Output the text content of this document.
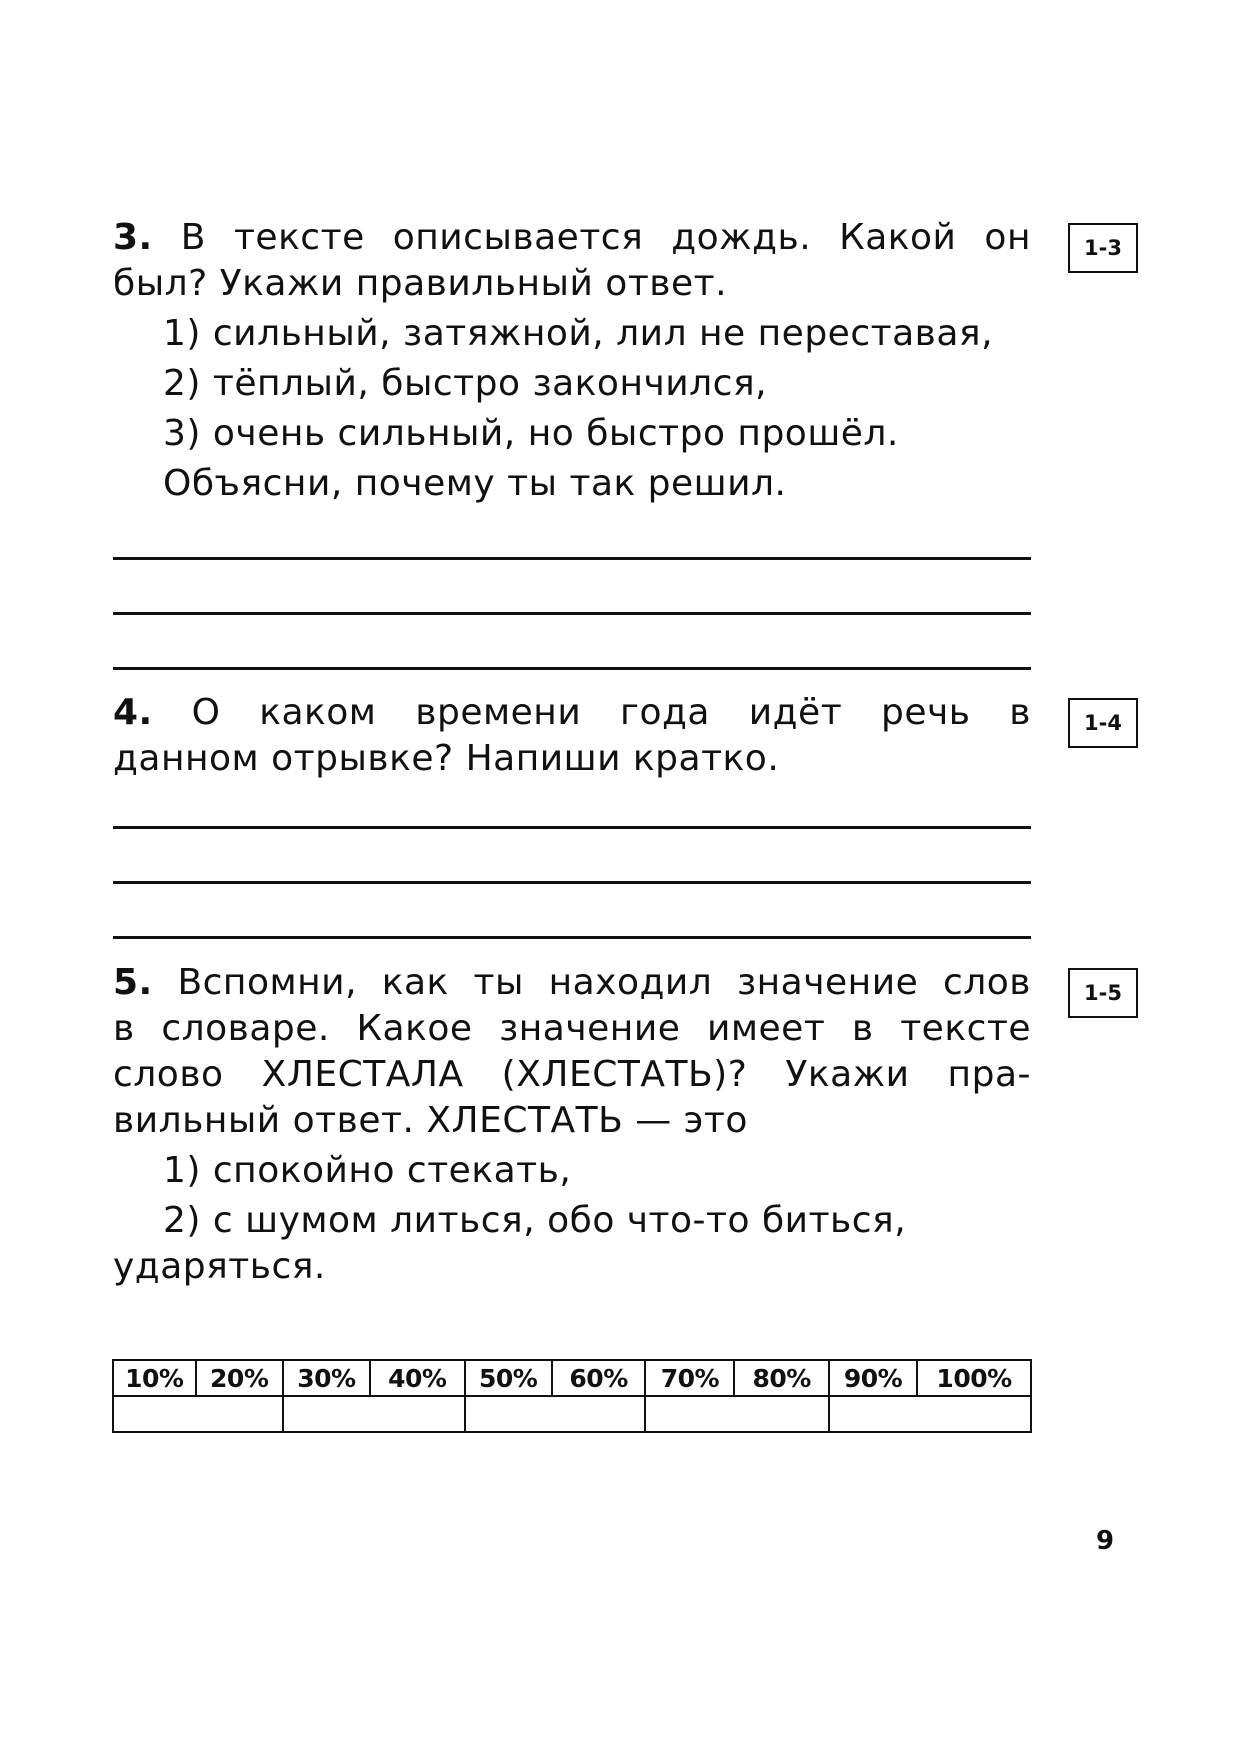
3. В тексте описывается дождь. Какой он

был? Укажи правильный ответ.

1) сильный, затяжной, лил не переставая,

2) тёплый, быстро закончился,

3) очень сильный, но быстро прошёл.

Объясни, почему ты так решил.

1-3

4. О каком времени года идёт речь в

данном отрывке? Напиши кратко.

1-4

5. Вспомни, как ты находил значение слов

в словаре. Какое значение имеет в тексте

слово ХЛЕСТАЛА (ХЛЕСТАТЬ)? Укажи пра-

вильный ответ. ХЛЕСТАТЬ — это

1) спокойно стекать,

2) с шумом литься, обо что-то биться,

ударяться.

1-5
10%	20%	30%	40%	50%	60%	70%	80%	90%	100%

9
